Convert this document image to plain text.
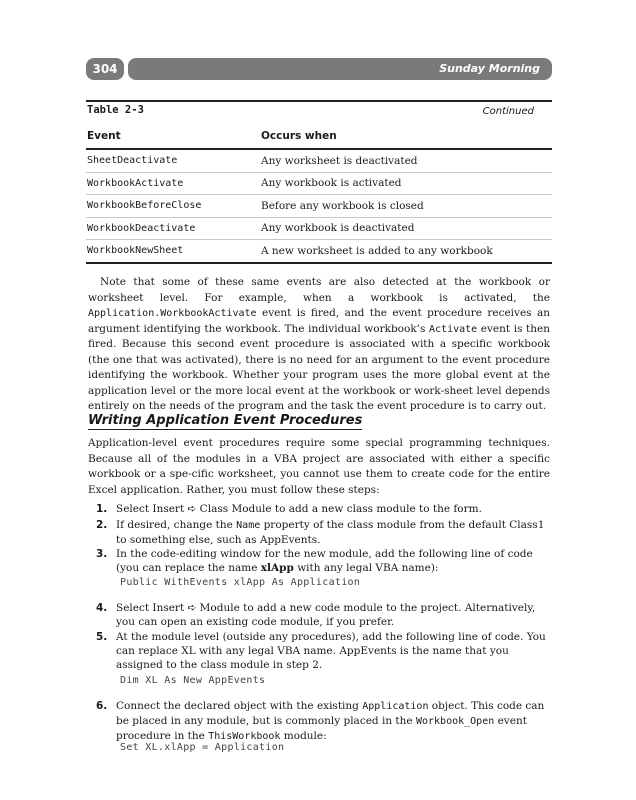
304	Sunday Morning
Table 2-3	Continued
Event	Occurs when
SheetDeactivate	Any worksheet is deactivated
WorkbookActivate	Any workbook is activated
WorkbookBeforeClose	Before any workbook is closed
WorkbookDeactivate	Any workbook is deactivated
WorkbookNewSheet	A new worksheet is added to any workbook
Note that some of these same events are also detected at the workbook or worksheet level. For example, when a workbook is activated, the Application.WorkbookActivate event is fired, and the event procedure receives an argument identifying the workbook. The individual workbook’s Activate event is then fired. Because this second event procedure is associated with a specific workbook (the one that was activated), there is no need for an argument to the event procedure identifying the workbook. Whether your program uses the more global event at the application level or the more local event at the workbook or work-sheet level depends entirely on the needs of the program and the task the event procedure is to carry out.
Writing Application Event Procedures
Application-level event procedures require some special programming techniques. Because all of the modules in a VBA project are associated with either a specific workbook or a spe-cific worksheet, you cannot use them to create code for the entire Excel application. Rather, you must follow these steps:
1. Select Insert ➪ Class Module to add a new class module to the form.
2. If desired, change the Name property of the class module from the default Class1 to something else, such as AppEvents.
3. In the code-editing window for the new module, add the following line of code (you can replace the name xlApp with any legal VBA name):
Public WithEvents xlApp As Application
4. Select Insert ➪ Module to add a new code module to the project. Alternatively, you can open an existing code module, if you prefer.
5. At the module level (outside any procedures), add the following line of code. You can replace XL with any legal VBA name. AppEvents is the name that you assigned to the class module in step 2.
Dim XL As New AppEvents
6. Connect the declared object with the existing Application object. This code can be placed in any module, but is commonly placed in the Workbook_Open event procedure in the ThisWorkbook module:
Set XL.xlApp = Application
